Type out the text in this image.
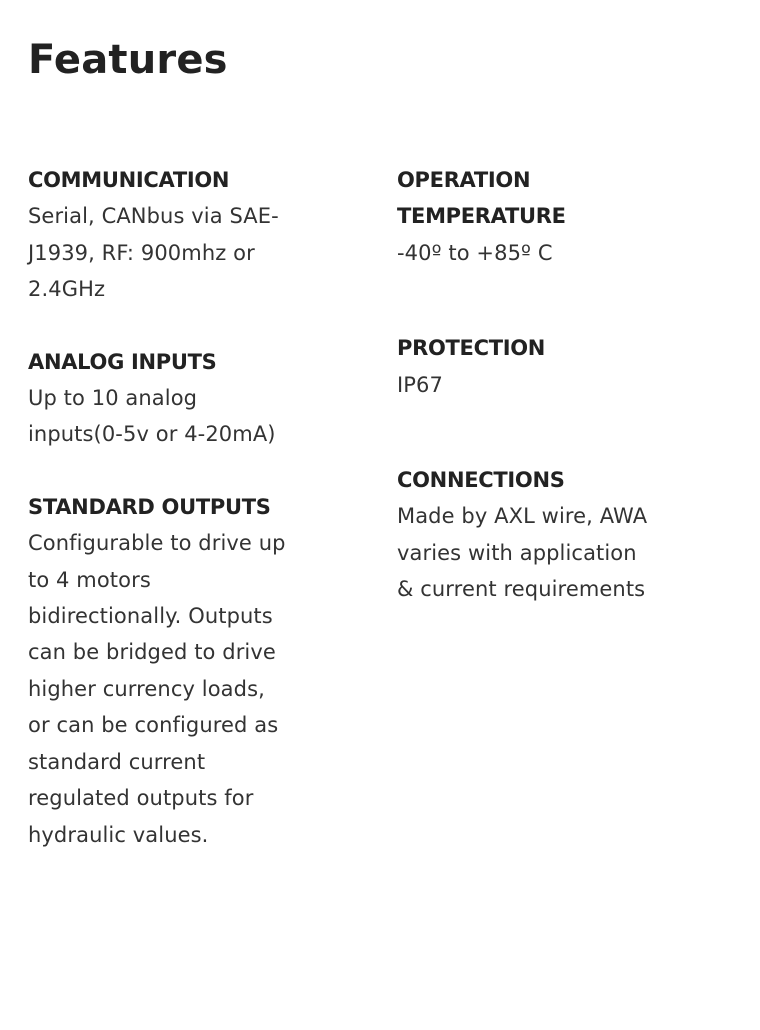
Features
COMMUNICATION
Serial, CANbus via SAE-J1939, RF: 900mhz or 2.4GHz
ANALOG INPUTS
Up to 10 analog inputs(0-5v or 4-20mA)
STANDARD OUTPUTS
Configurable to drive up to 4 motors bidirectionally. Outputs can be bridged to drive higher currency loads, or can be configured as standard current regulated outputs for hydraulic values.
OPERATION TEMPERATURE
-40º to +85º C
PROTECTION
IP67
CONNECTIONS
Made by AXL wire, AWA varies with application & current requirements
